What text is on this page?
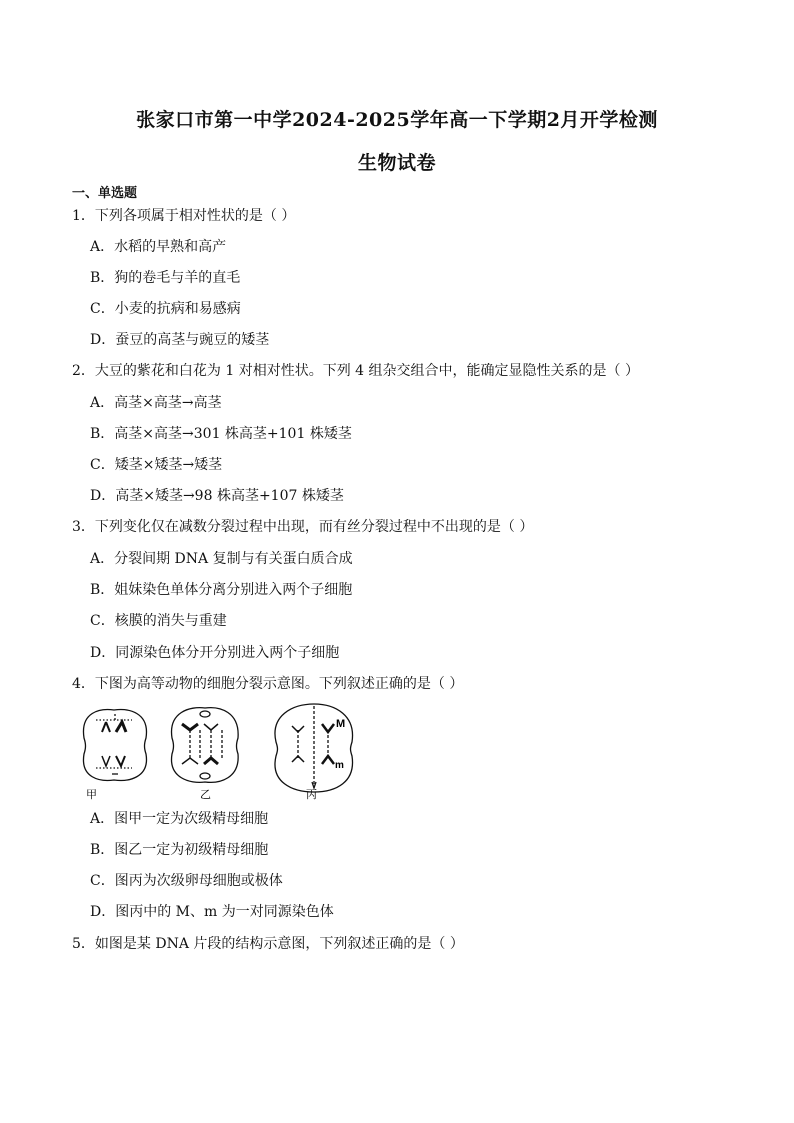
张家口市第一中学2024-2025学年高一下学期2月开学检测
生物试卷
一、单选题
1．下列各项属于相对性状的是（ ）
A．水稻的早熟和高产
B．狗的卷毛与羊的直毛
C．小麦的抗病和易感病
D．蚕豆的高茎与豌豆的矮茎
2．大豆的紫花和白花为 1 对相对性状。下列 4 组杂交组合中，能确定显隐性关系的是（ ）
A．高茎×高茎→高茎
B．高茎×高茎→301 株高茎+101 株矮茎
C．矮茎×矮茎→矮茎
D．高茎×矮茎→98 株高茎+107 株矮茎
3．下列变化仅在减数分裂过程中出现，而有丝分裂过程中不出现的是（ ）
A．分裂间期 DNA 复制与有关蛋白质合成
B．姐妹染色单体分离分别进入两个子细胞
C．核膜的消失与重建
D．同源染色体分开分别进入两个子细胞
4．下图为高等动物的细胞分裂示意图。下列叙述正确的是（ ）
M
m
甲	乙	丙
A．图甲一定为次级精母细胞
B．图乙一定为初级精母细胞
C．图丙为次级卵母细胞或极体
D．图丙中的 M、m 为一对同源染色体
5．如图是某 DNA 片段的结构示意图，下列叙述正确的是（ ）
